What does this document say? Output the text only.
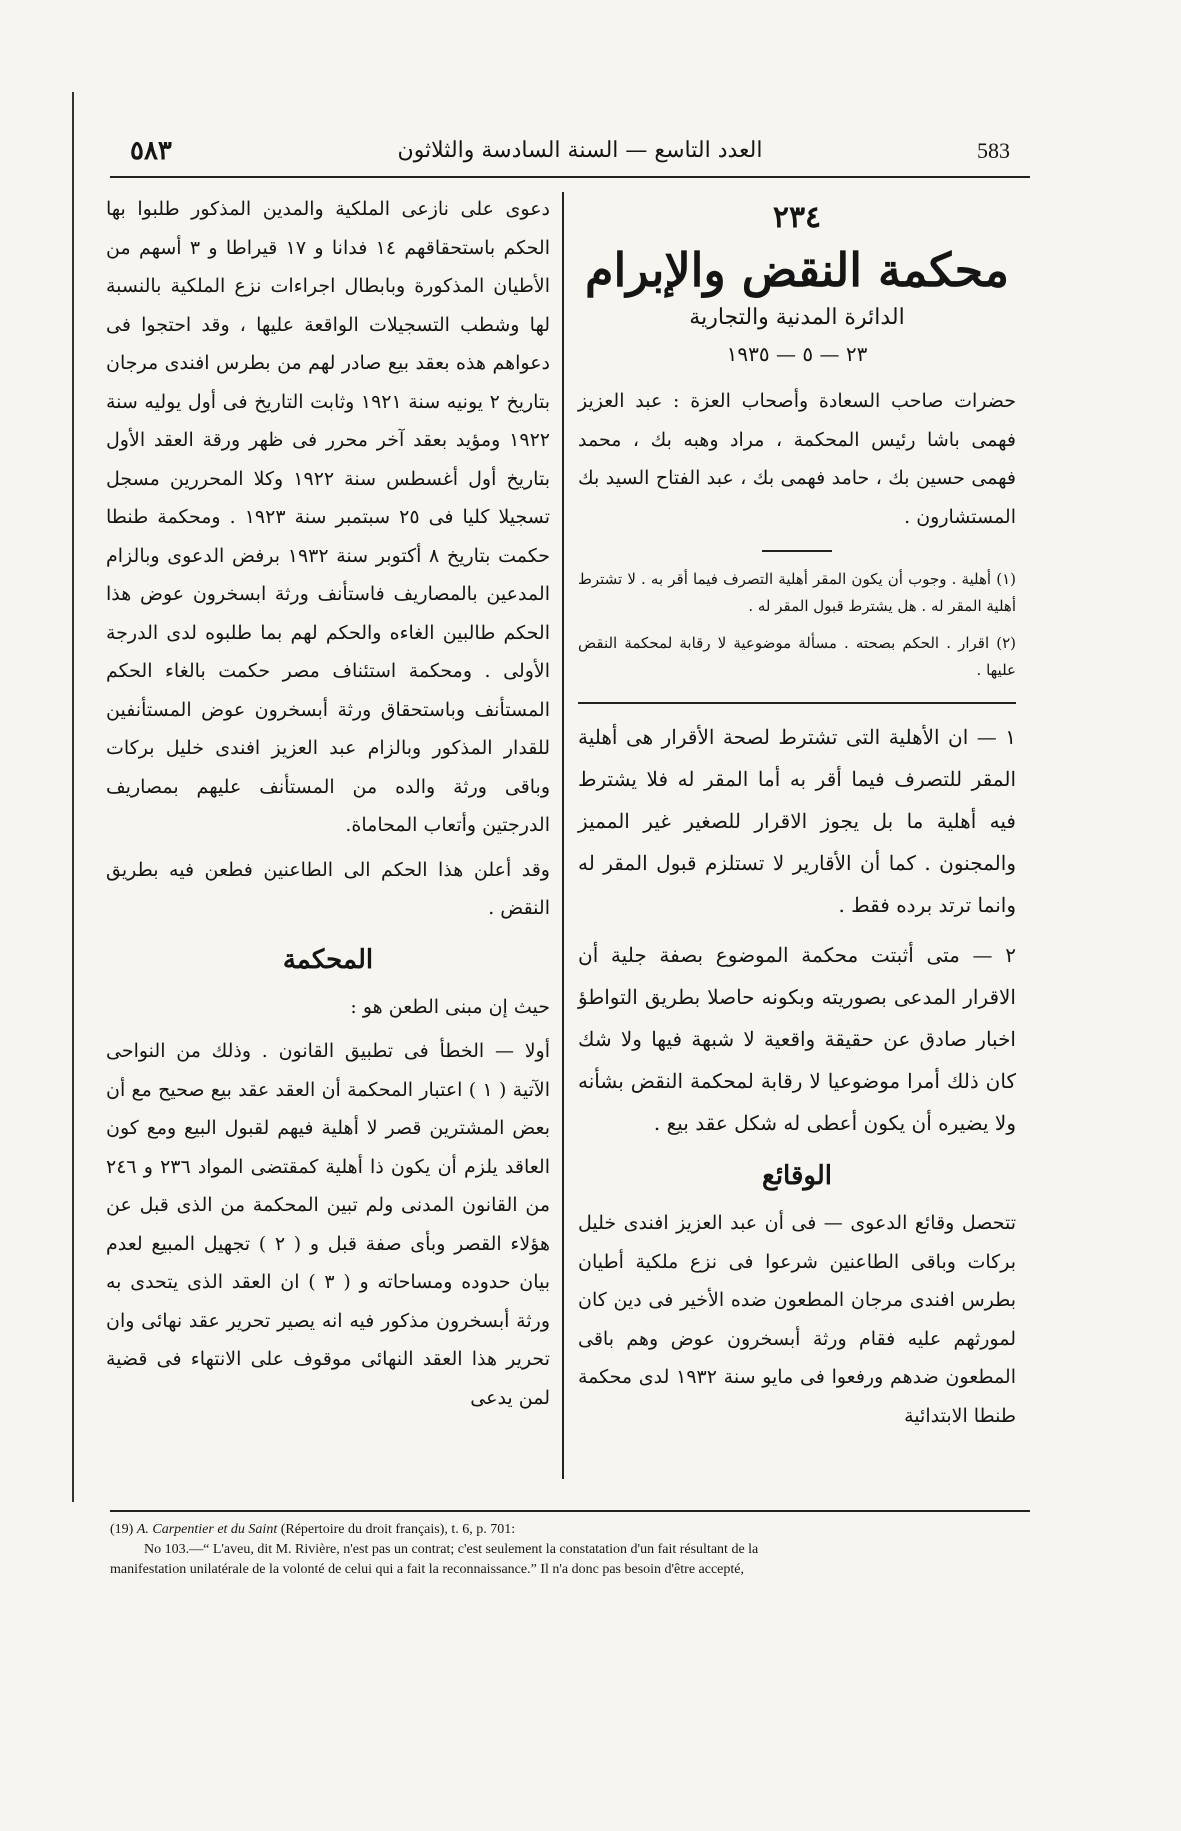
٥٨٣	العدد التاسع — السنة السادسة والثلاثون	583
٢٣٤
محكمة النقض والإبرام
الدائرة المدنية والتجارية
٢٣ — ٥ — ١٩٣٥
حضرات صاحب السعادة وأصحاب العزة : عبد العزيز فهمى باشا رئيس المحكمة ، مراد وهبه بك ، محمد فهمى حسين بك ، حامد فهمى بك ، عبد الفتاح السيد بك المستشارون .
(١) أهلية . وجوب أن يكون المقر أهلية التصرف فيما أقر به . لا تشترط أهلية المقر له . هل يشترط قبول المقر له .
(٢) اقرار . الحكم بصحته . مسألة موضوعية لا رقابة لمحكمة النقض عليها .
١ — ان الأهلية التى تشترط لصحة الأقرار هى أهلية المقر للتصرف فيما أقر به أما المقر له فلا يشترط فيه أهلية ما بل يجوز الاقرار للصغير غير المميز والمجنون . كما أن الأقارير لا تستلزم قبول المقر له وانما ترتد برده فقط .
٢ — متى أثبتت محكمة الموضوع بصفة جلية أن الاقرار المدعى بصوريته وبكونه حاصلا بطريق التواطؤ اخبار صادق عن حقيقة واقعية لا شبهة فيها ولا شك كان ذلك أمرا موضوعيا لا رقابة لمحكمة النقض بشأنه ولا يضيره أن يكون أعطى له شكل عقد بيع .
الوقائع
تتحصل وقائع الدعوى — فى أن عبد العزيز افندى خليل بركات وباقى الطاعنين شرعوا فى نزع ملكية أطيان بطرس افندى مرجان المطعون ضده الأخير فى دين كان لمورثهم عليه فقام ورثة أبسخرون عوض وهم باقى المطعون ضدهم ورفعوا فى مايو سنة ١٩٣٢ لدى محكمة طنطا الابتدائية
دعوى على نازعى الملكية والمدين المذكور طلبوا بها الحكم باستحقاقهم ١٤ فدانا و ١٧ قيراطا و ٣ أسهم من الأطيان المذكورة وبابطال اجراءات نزع الملكية بالنسبة لها وشطب التسجيلات الواقعة عليها ، وقد احتجوا فى دعواهم هذه بعقد بيع صادر لهم من بطرس افندى مرجان بتاريخ ٢ يونيه سنة ١٩٢١ وثابت التاريخ فى أول يوليه سنة ١٩٢٢ ومؤيد بعقد آخر محرر فى ظهر ورقة العقد الأول بتاريخ أول أغسطس سنة ١٩٢٢ وكلا المحررين مسجل تسجيلا كليا فى ٢٥ سبتمبر سنة ١٩٢٣ . ومحكمة طنطا حكمت بتاريخ ٨ أكتوبر سنة ١٩٣٢ برفض الدعوى وبالزام المدعين بالمصاريف فاستأنف ورثة ابسخرون عوض هذا الحكم طالبين الغاءه والحكم لهم بما طلبوه لدى الدرجة الأولى . ومحكمة استئناف مصر حكمت بالغاء الحكم المستأنف وباستحقاق ورثة أبسخرون عوض المستأنفين للقدار المذكور وبالزام عبد العزيز افندى خليل بركات وباقى ورثة والده من المستأنف عليهم بمصاريف الدرجتين وأتعاب المحاماة.
وقد أعلن هذا الحكم الى الطاعنين فطعن فيه بطريق النقض .
المحكمة
حيث إن مبنى الطعن هو :
أولا — الخطأ فى تطبيق القانون . وذلك من النواحى الآتية ( ١ ) اعتبار المحكمة أن العقد عقد بيع صحيح مع أن بعض المشترين قصر لا أهلية فيهم لقبول البيع ومع كون العاقد يلزم أن يكون ذا أهلية كمقتضى المواد ٢٣٦ و ٢٤٦ من القانون المدنى ولم تبين المحكمة من الذى قبل عن هؤلاء القصر وبأى صفة قبل و ( ٢ ) تجهيل المبيع لعدم بيان حدوده ومساحاته و ( ٣ ) ان العقد الذى يتحدى به ورثة أبسخرون مذكور فيه انه يصير تحرير عقد نهائى وان تحرير هذا العقد النهائى موقوف على الانتهاء فى قضية لمن يدعى

(19) A. Carpentier et du Saint (Répertoire du droit français), t. 6, p. 701:

No 103.—“ L'aveu, dit M. Rivière, n'est pas un contrat; c'est seulement la constatation d'un fait résultant de la

manifestation unilatérale de la volonté de celui qui a fait la reconnaissance.” Il n'a donc pas besoin d'être accepté,
